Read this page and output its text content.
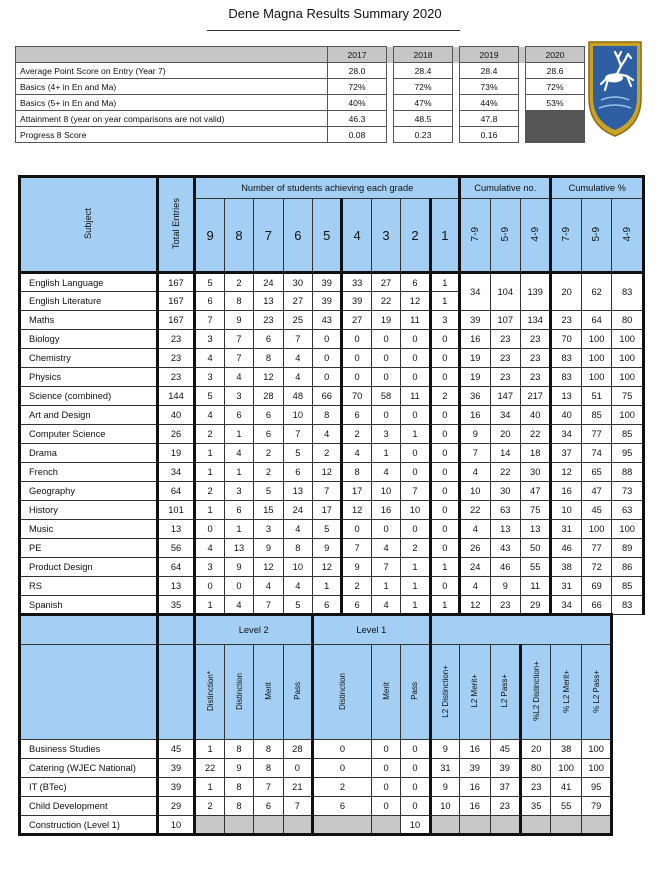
Dene Magna Results Summary 2020
	2017		2018		2019		2020
Average Point Score on Entry (Year 7)	28.0		28.4		28.4		28.6
Basics (4+ in En and Ma)	72%		72%		73%		72%
Basics (5+ in En and Ma)	40%		47%		44%		53%
Attainment 8 (year on year comparisons are not valid)	46.3		48.5		47.8		
Progress 8 Score	0.08		0.23		0.16		
Subject	Total Entries	Number of students achieving each grade									Cumulative no.			Cumulative %		
		9	8	7	6	5	4	3	2	1	7-9	5-9	4-9	7-9	5-9	4-9
English Language	167	5	2	24	30	39	33	27	6	1	34	104	139	20	62	83
English Literature	167	6	8	13	27	39	39	22	12	1						
Maths	167	7	9	23	25	43	27	19	11	3	39	107	134	23	64	80
Biology	23	3	7	6	7	0	0	0	0	0	16	23	23	70	100	100
Chemistry	23	4	7	8	4	0	0	0	0	0	19	23	23	83	100	100
Physics	23	3	4	12	4	0	0	0	0	0	19	23	23	83	100	100
Science (combined)	144	5	3	28	48	66	70	58	11	2	36	147	217	13	51	75
Art and Design	40	4	6	6	10	8	6	0	0	0	16	34	40	40	85	100
Computer Science	26	2	1	6	7	4	2	3	1	0	9	20	22	34	77	85
Drama	19	1	4	2	5	2	4	1	0	0	7	14	18	37	74	95
French	34	1	1	2	6	12	8	4	0	0	4	22	30	12	65	88
Geography	64	2	3	5	13	7	17	10	7	0	10	30	47	16	47	73
History	101	1	6	15	24	17	12	16	10	0	22	63	75	10	45	63
Music	13	0	1	3	4	5	0	0	0	0	4	13	13	31	100	100
PE	56	4	13	9	8	9	7	4	2	0	26	43	50	46	77	89
Product Design	64	3	9	12	10	12	9	7	1	1	24	46	55	38	72	86
RS	13	0	0	4	4	1	2	1	1	0	4	9	11	31	69	85
Spanish	35	1	4	7	5	6	6	4	1	1	12	23	29	34	66	83
		Level 2				Level 1										
		Distinction*	Distinction	Merit	Pass	Distinction		Merit	Pass	L2 Distinction+	L2 Merit+	L2 Pass+	%L2 Distinction+	% L2 Merit+	% L2 Pass+	
Business Studies	45	1	8	8	28	0		0	0	9	16	45	20	38	100	
Catering (WJEC National)	39	22	9	8	0	0		0	0	31	39	39	80	100	100	
IT (BTec)	39	1	8	7	21	2		0	0	9	16	37	23	41	95	
Child Development	29	2	8	6	7	6		0	0	10	16	23	35	55	79	
Construction (Level 1)	10								10							
